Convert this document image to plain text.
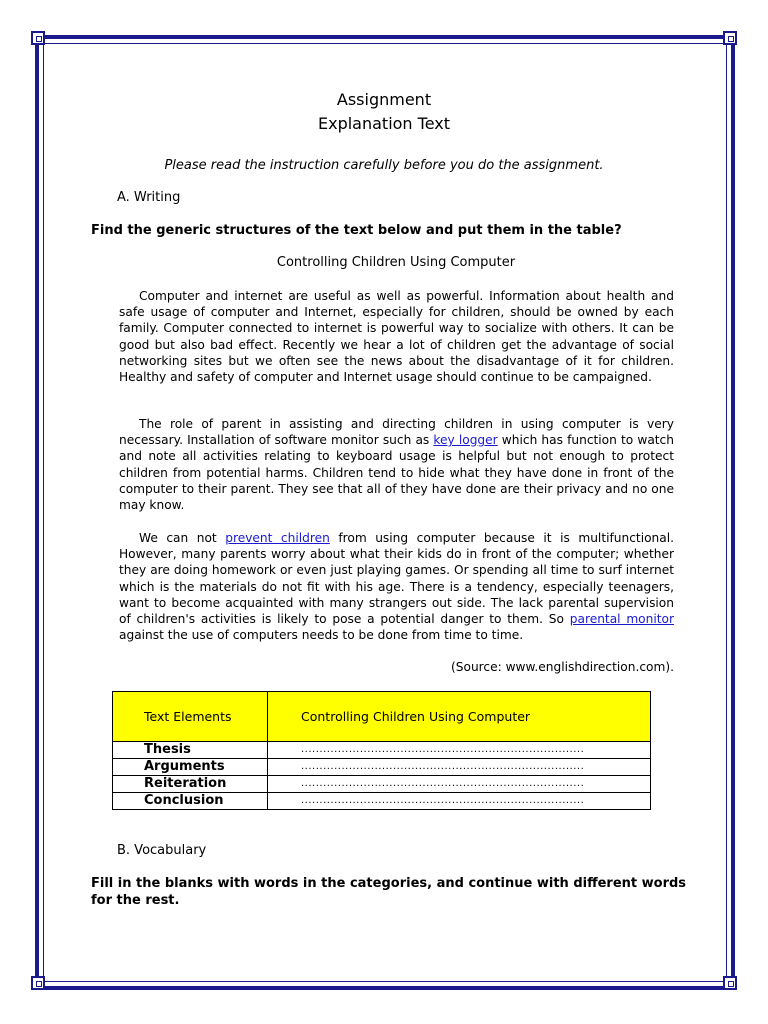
Assignment
Explanation Text
Please read the instruction carefully before you do the assignment.
A. Writing
Find the generic structures of the text below and put them in the table?
Controlling Children Using Computer

Computer and internet are useful as well as powerful. Information about health and safe usage of computer and Internet, especially for children, should be owned by each family. Computer connected to internet is powerful way to socialize with others. It can be good but also bad effect. Recently we hear a lot of children get the advantage of social networking sites but we often see the news about the disadvantage of it for children. Healthy and safety of computer and Internet usage should continue to be campaigned.

The role of parent in assisting and directing children in using computer is very necessary. Installation of software monitor such as key logger which has function to watch and note all activities relating to keyboard usage is helpful but not enough to protect children from potential harms. Children tend to hide what they have done in front of the computer to their parent. They see that all of they have done are their privacy and no one may know.

We can not prevent children from using computer because it is multifunctional. However, many parents worry about what their kids do in front of the computer; whether they are doing homework or even just playing games. Or spending all time to surf internet which is the materials do not fit with his age. There is a tendency, especially teenagers, want to become acquainted with many strangers out side. The lack parental supervision of children's activities is likely to pose a potential danger to them. So parental monitor against the use of computers needs to be done from time to time.

(Source: www.englishdirection.com).
Text Elements	Controlling Children Using Computer
Thesis	.............................................................................
Arguments	.............................................................................
Reiteration	.............................................................................
Conclusion	.............................................................................
B. Vocabulary
Fill in the blanks with words in the categories, and continue with different words for the rest.
